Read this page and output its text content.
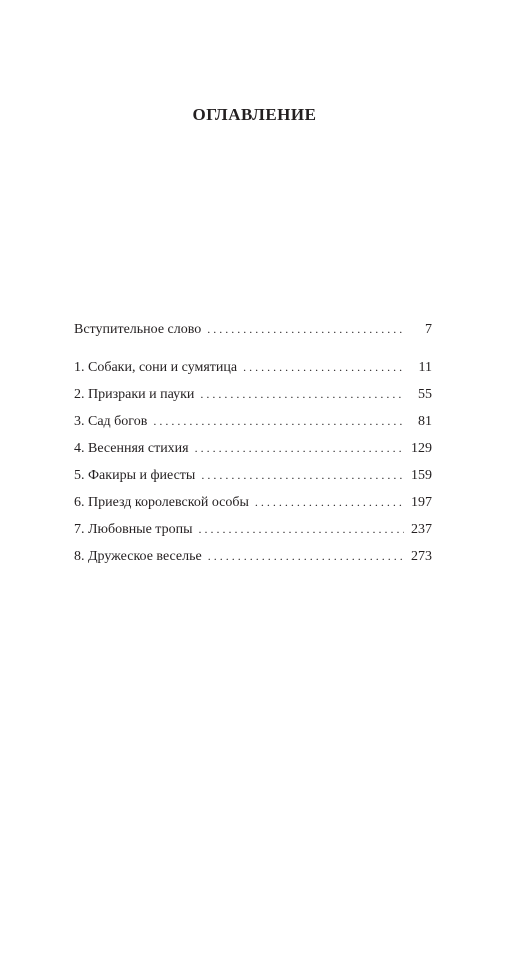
ОГЛАВЛЕНИЕ
Вступительное слово . . .	7
1. Собаки, сони и сумятица . . .	11
2. Призраки и пауки . . .	55
3. Сад богов . . .	81
4. Весенняя стихия . . .	129
5. Факиры и фиесты . . .	159
6. Приезд королевской особы . . .	197
7. Любовные тропы . . .	237
8. Дружеское веселье . . .	273
